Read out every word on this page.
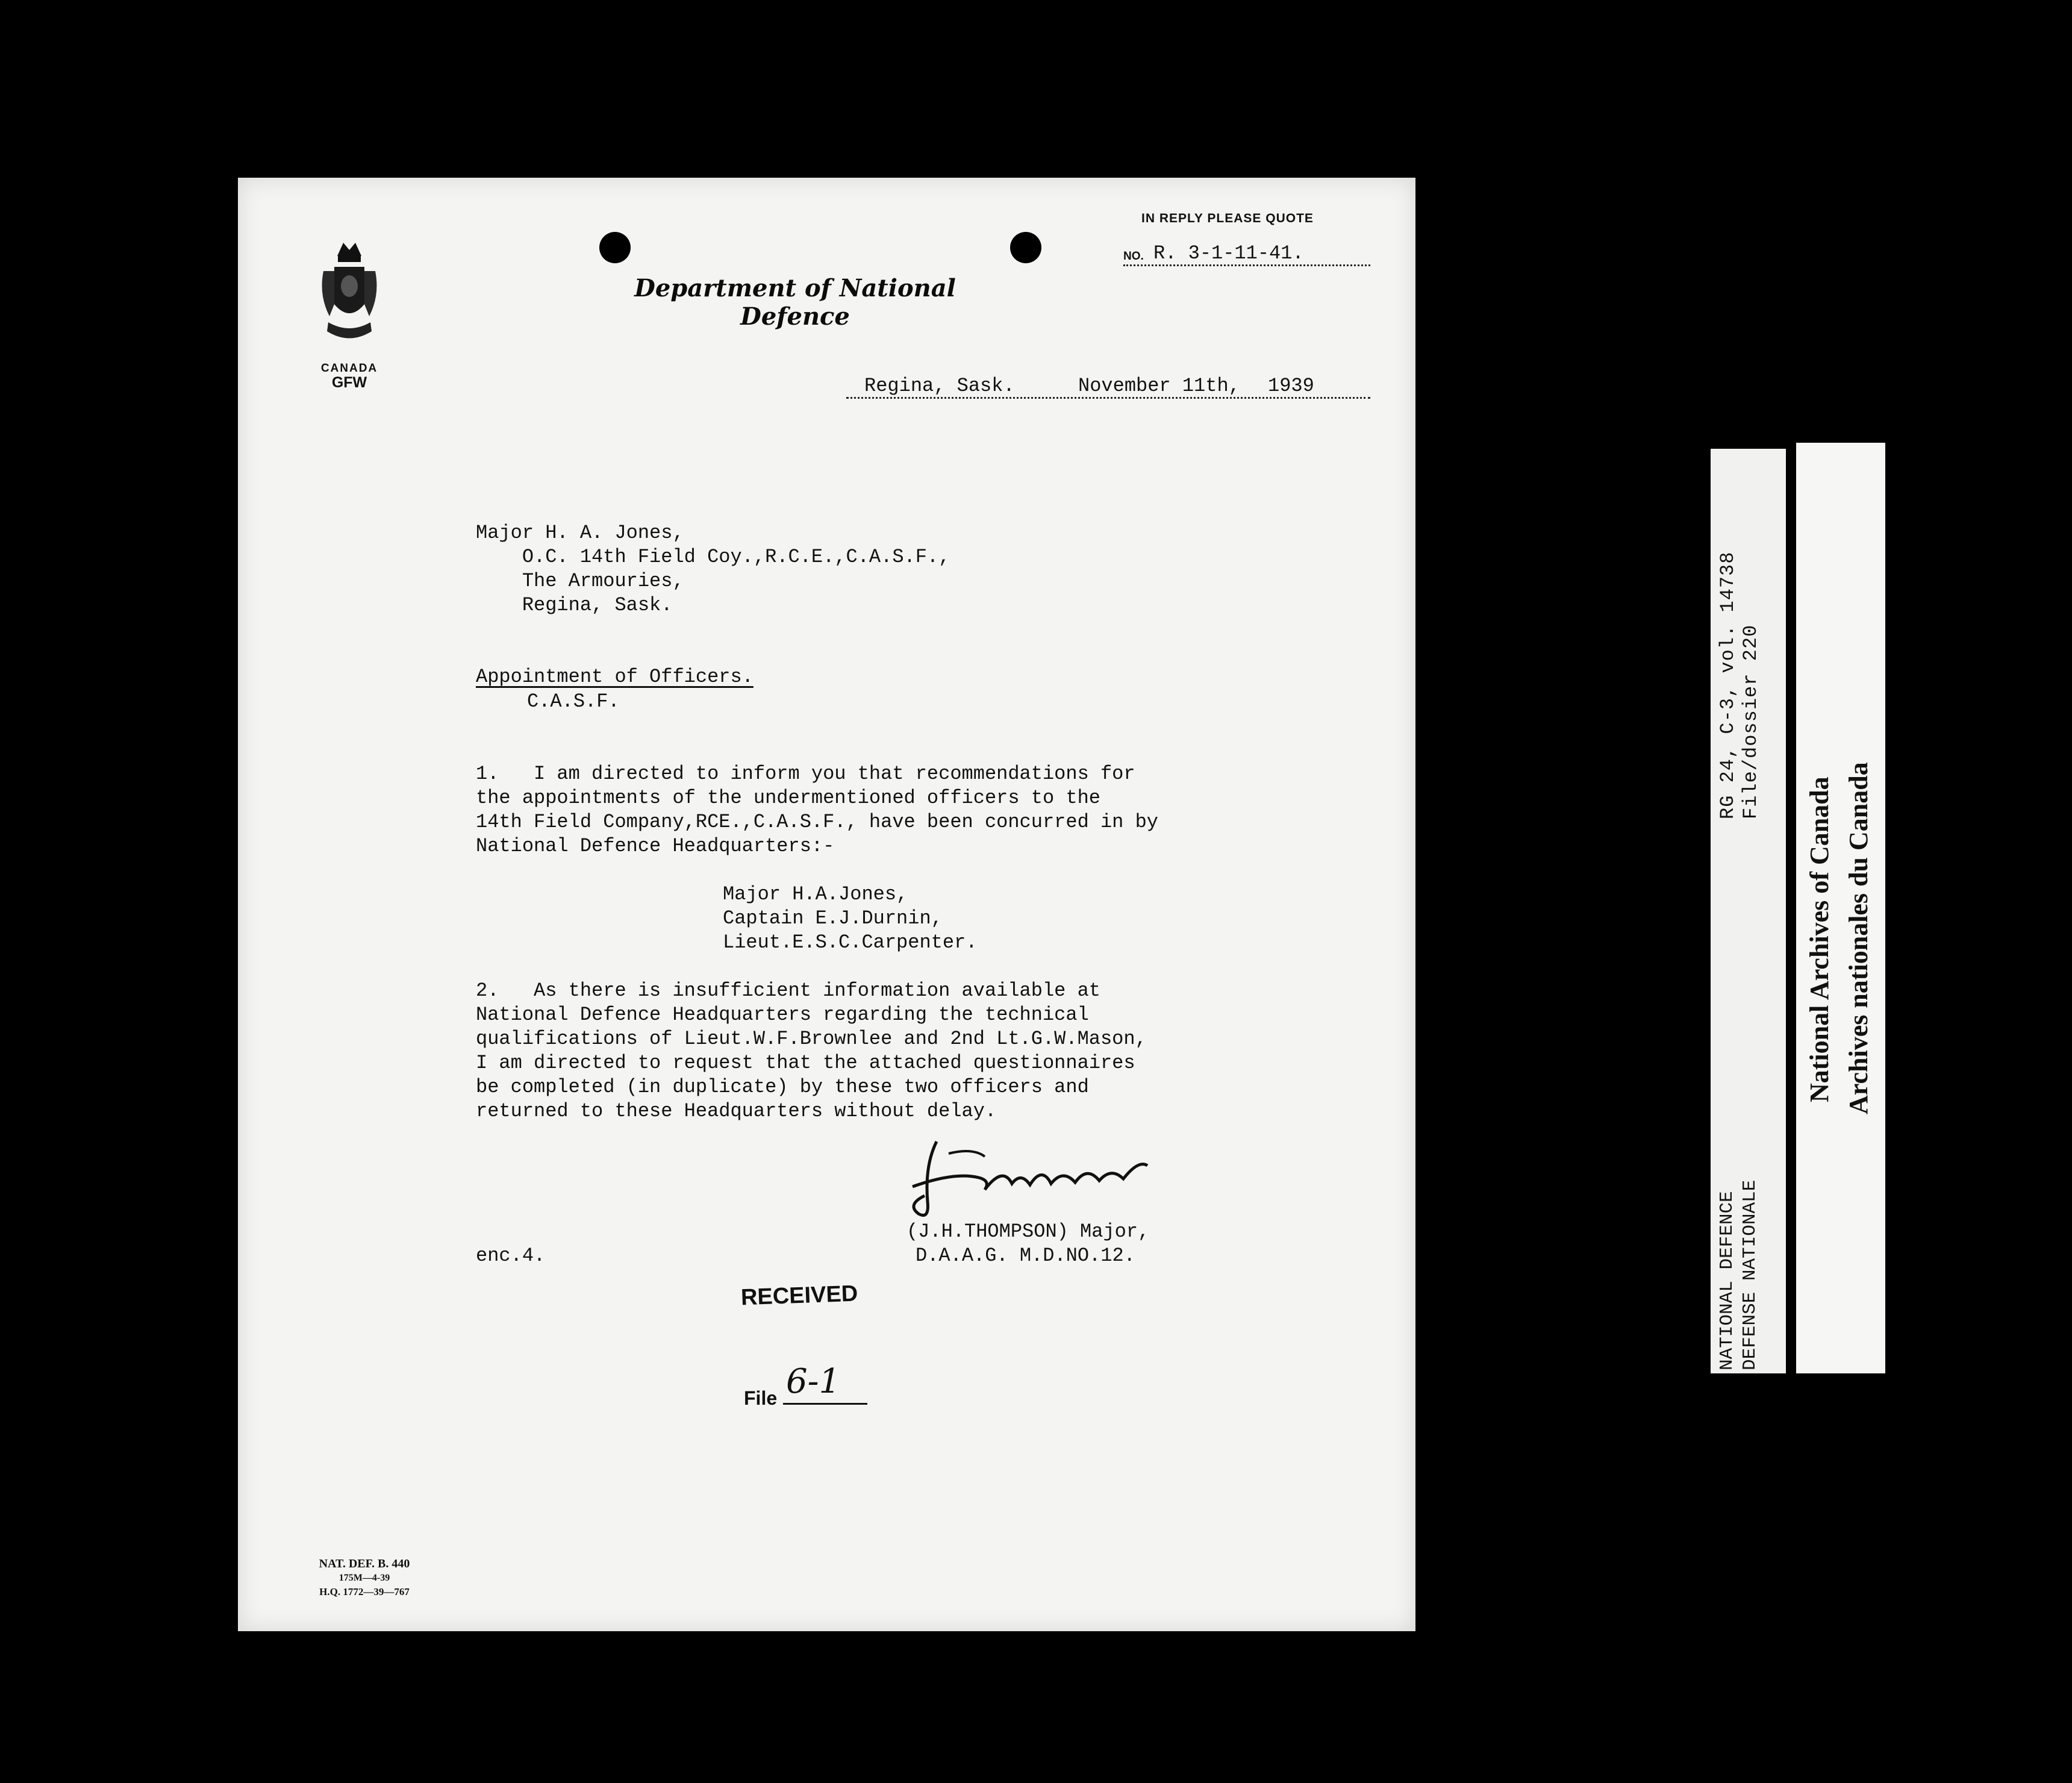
CANADA
GFW
Department of National Defence
IN REPLY PLEASE QUOTE
NO. R. 3-1-11-41.
Regina, Sask.	November 11th, 1939
Major H. A. Jones,
O.C. 14th Field Coy.,R.C.E.,C.A.S.F.,
The Armouries,
Regina, Sask.
Appointment of Officers.
C.A.S.F.
1.   I am directed to inform you that recommendations for
the appointments of the undermentioned officers to the
14th Field Company,RCE.,C.A.S.F., have been concurred in by
National Defence Headquarters:-
Major H.A.Jones,
Captain E.J.Durnin,
Lieut.E.S.C.Carpenter.
2.   As there is insufficient information available at
National Defence Headquarters regarding the technical
qualifications of Lieut.W.F.Brownlee and 2nd Lt.G.W.Mason,
I am directed to request that the attached questionnaires
be completed (in duplicate) by these two officers and
returned to these Headquarters without delay.
enc.4.
(J.H.THOMPSON) Major,
D.A.A.G. M.D.NO.12.
RECEIVED
File 6-1
NAT. DEF. B. 440
175M—4-39
H.Q. 1772—39—767
RG 24, C-3, vol. 14738 File/dossier 220
NATIONAL DEFENCE DEFENSE NATIONALE
National Archives of Canada Archives nationales du Canada
